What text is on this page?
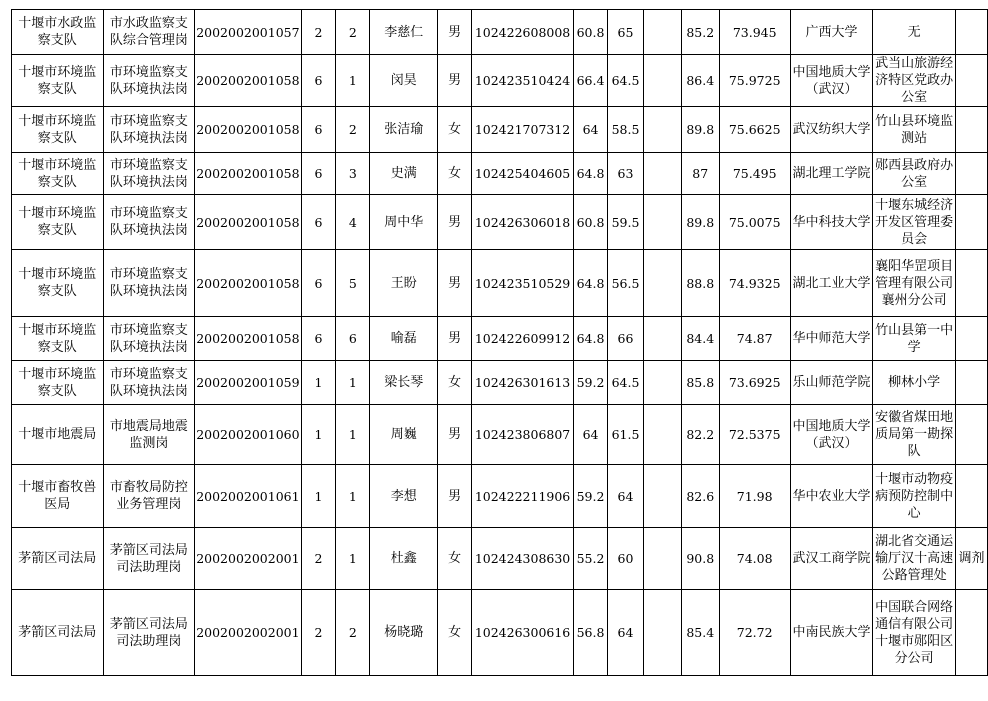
十堰市水政监察支队	市水政监察支队综合管理岗	2002002001057	2	2	李慈仁	男	102422608008	60.8	65		85.2	73.945	广西大学	无	
十堰市环境监察支队	市环境监察支队环境执法岗	2002002001058	6	1	闵昊	男	102423510424	66.4	64.5		86.4	75.9725	中国地质大学（武汉）	武当山旅游经济特区党政办公室	
十堰市环境监察支队	市环境监察支队环境执法岗	2002002001058	6	2	张洁瑜	女	102421707312	64	58.5		89.8	75.6625	武汉纺织大学	竹山县环境监测站	
十堰市环境监察支队	市环境监察支队环境执法岗	2002002001058	6	3	史满	女	102425404605	64.8	63		87	75.495	湖北理工学院	郧西县政府办公室	
十堰市环境监察支队	市环境监察支队环境执法岗	2002002001058	6	4	周中华	男	102426306018	60.8	59.5		89.8	75.0075	华中科技大学	十堰东城经济开发区管理委员会	
十堰市环境监察支队	市环境监察支队环境执法岗	2002002001058	6	5	王盼	男	102423510529	64.8	56.5		88.8	74.9325	湖北工业大学	襄阳华罡项目管理有限公司襄州分公司	
十堰市环境监察支队	市环境监察支队环境执法岗	2002002001058	6	6	喻磊	男	102422609912	64.8	66		84.4	74.87	华中师范大学	竹山县第一中学	
十堰市环境监察支队	市环境监察支队环境执法岗	2002002001059	1	1	梁长琴	女	102426301613	59.2	64.5		85.8	73.6925	乐山师范学院	柳林小学	
十堰市地震局	市地震局地震监测岗	2002002001060	1	1	周巍	男	102423806807	64	61.5		82.2	72.5375	中国地质大学（武汉）	安徽省煤田地质局第一勘探队	
十堰市畜牧兽医局	市畜牧局防控业务管理岗	2002002001061	1	1	李想	男	102422211906	59.2	64		82.6	71.98	华中农业大学	十堰市动物疫病预防控制中心	
茅箭区司法局	茅箭区司法局司法助理岗	2002002002001	2	1	杜鑫	女	102424308630	55.2	60		90.8	74.08	武汉工商学院	湖北省交通运输厅汉十高速公路管理处	调剂
茅箭区司法局	茅箭区司法局司法助理岗	2002002002001	2	2	杨晓璐	女	102426300616	56.8	64		85.4	72.72	中南民族大学	中国联合网络通信有限公司十堰市郧阳区分公司	
